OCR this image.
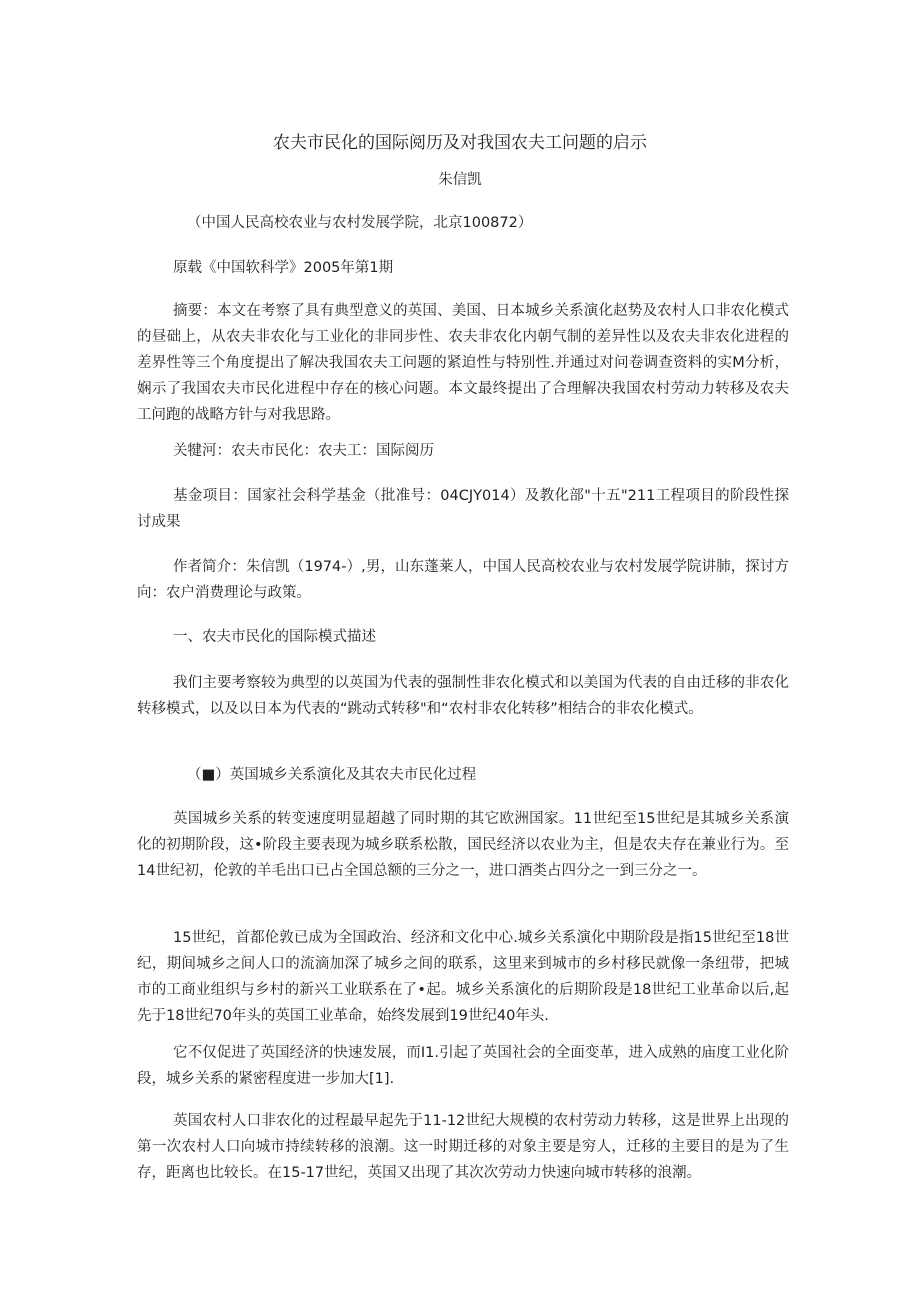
农夫市民化的国际阅历及对我国农夫工问题的启示
朱信凯

（中国人民高校农业与农村发展学院，北京100872）

原载《中国软科学》2005年第1期

摘要：本文在考察了具有典型意义的英国、美国、日本城乡关系演化赵势及农村人口非农化模式的昼础上，从农夫非农化与工业化的非同步性、农夫非农化内朝气制的差异性以及农夫非农化进程的差界性等三个角度提出了解决我国农夫工问题的紧迫性与特别性.并通过对问卷调查资料的实M分析，娴示了我国农夫市民化进程中存在的核心问题。本文最终提出了合理解决我国农村劳动力转移及农夫工问跑的战略方针与对我思路。

关犍河：农夫市民化：农夫工：国际阅历

基金项目：国家社会科学基金（批准号：04CJY014）及教化部"十五"211工程项目的阶段性探讨成果

作者简介：朱信凯（1974-）,男，山东蓬莱人，中国人民高校农业与农村发展学院讲肺，探讨方向：农户消费理论与政策。

一、农夫市民化的国际模式描述

我们主要考察较为典型的以英国为代表的强制性非农化模式和以美国为代表的自由迁移的非农化转移模式，以及以日本为代表的“跳动式转移"和“农村非农化转移”相结合的非农化模式。

（■）英国城乡关系演化及其农夫市民化过程

英国城乡关系的转变速度明显超越了同时期的其它欧洲国家。11世纪至15世纪是其城乡关系演化的初期阶段，这•阶段主要表现为城乡联系松散，国民经济以农业为主，但是农夫存在兼业行为。至14世纪初，伦敦的羊毛出口已占全国总额的三分之一，进口酒类占四分之一到三分之一。

15世纪，首都伦敦已成为全国政治、经济和文化中心.城乡关系演化中期阶段是指15世纪至18世纪，期间城乡之间人口的流滴加深了城乡之间的联系，这里来到城市的乡村移民就像一条纽带，把城市的工商业组织与乡村的新兴工业联系在了•起。城乡关系演化的后期阶段是18世纪工业革命以后,起先于18世纪70年头的英国工业革命，始终发展到19世纪40年头.

它不仅促进了英国经济的快速发展，而I1.引起了英国社会的全面变革，进入成熟的庙度工业化阶段，城乡关系的紧密程度进一步加大[1].

英国农村人口非农化的过程最早起先于11-12世纪大规模的农村劳动力转移，这是世界上出现的第一次农村人口向城市持续转移的浪潮。这一时期迁移的对象主要是穷人，迁移的主要目的是为了生存，距离也比较长。在15-17世纪，英国又出现了其次次劳动力快速向城市转移的浪潮。
